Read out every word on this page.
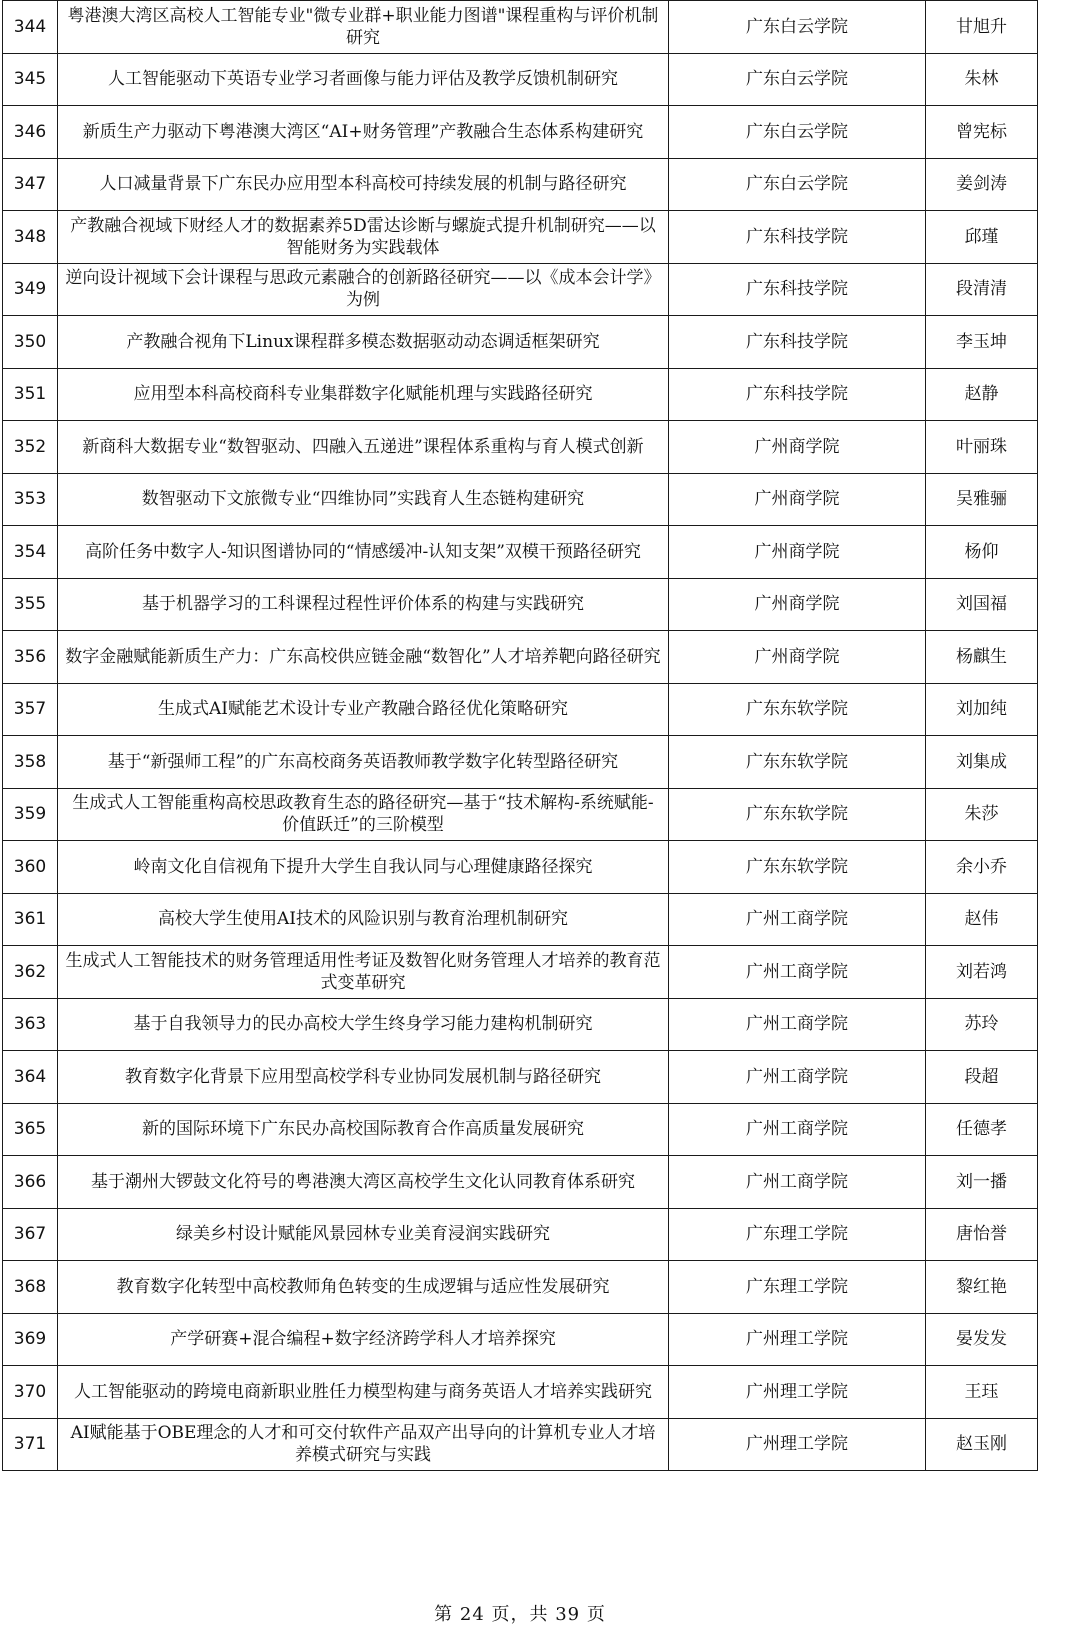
344	粤港澳大湾区高校人工智能专业"微专业群+职业能力图谱"课程重构与评价机制研究	广东白云学院	甘旭升
345	人工智能驱动下英语专业学习者画像与能力评估及教学反馈机制研究	广东白云学院	朱林
346	新质生产力驱动下粤港澳大湾区“AI+财务管理”产教融合生态体系构建研究	广东白云学院	曾宪标
347	人口减量背景下广东民办应用型本科高校可持续发展的机制与路径研究	广东白云学院	姜剑涛
348	产教融合视域下财经人才的数据素养5D雷达诊断与螺旋式提升机制研究——以智能财务为实践载体	广东科技学院	邱瑾
349	逆向设计视域下会计课程与思政元素融合的创新路径研究——以《成本会计学》为例	广东科技学院	段清清
350	产教融合视角下Linux课程群多模态数据驱动动态调适框架研究	广东科技学院	李玉坤
351	应用型本科高校商科专业集群数字化赋能机理与实践路径研究	广东科技学院	赵静
352	新商科大数据专业“数智驱动、四融入五递进”课程体系重构与育人模式创新	广州商学院	叶丽珠
353	数智驱动下文旅微专业“四维协同”实践育人生态链构建研究	广州商学院	吴雅骊
354	高阶任务中数字人-知识图谱协同的“情感缓冲-认知支架”双模干预路径研究	广州商学院	杨仰
355	基于机器学习的工科课程过程性评价体系的构建与实践研究	广州商学院	刘国福
356	数字金融赋能新质生产力：广东高校供应链金融“数智化”人才培养靶向路径研究	广州商学院	杨麒生
357	生成式AI赋能艺术设计专业产教融合路径优化策略研究	广东东软学院	刘加纯
358	基于“新强师工程”的广东高校商务英语教师教学数字化转型路径研究	广东东软学院	刘集成
359	生成式人工智能重构高校思政教育生态的路径研究—基于“技术解构-系统赋能-价值跃迁”的三阶模型	广东东软学院	朱莎
360	岭南文化自信视角下提升大学生自我认同与心理健康路径探究	广东东软学院	余小乔
361	高校大学生使用AI技术的风险识别与教育治理机制研究	广州工商学院	赵伟
362	生成式人工智能技术的财务管理适用性考证及数智化财务管理人才培养的教育范式变革研究	广州工商学院	刘若鸿
363	基于自我领导力的民办高校大学生终身学习能力建构机制研究	广州工商学院	苏玲
364	教育数字化背景下应用型高校学科专业协同发展机制与路径研究	广州工商学院	段超
365	新的国际环境下广东民办高校国际教育合作高质量发展研究	广州工商学院	任德孝
366	基于潮州大锣鼓文化符号的粤港澳大湾区高校学生文化认同教育体系研究	广州工商学院	刘一播
367	绿美乡村设计赋能风景园林专业美育浸润实践研究	广东理工学院	唐怡誉
368	教育数字化转型中高校教师角色转变的生成逻辑与适应性发展研究	广东理工学院	黎红艳
369	产学研赛+混合编程+数字经济跨学科人才培养探究	广州理工学院	晏发发
370	人工智能驱动的跨境电商新职业胜任力模型构建与商务英语人才培养实践研究	广州理工学院	王珏
371	AI赋能基于OBE理念的人才和可交付软件产品双产出导向的计算机专业人才培养模式研究与实践	广州理工学院	赵玉刚
第 24 页，共 39 页
